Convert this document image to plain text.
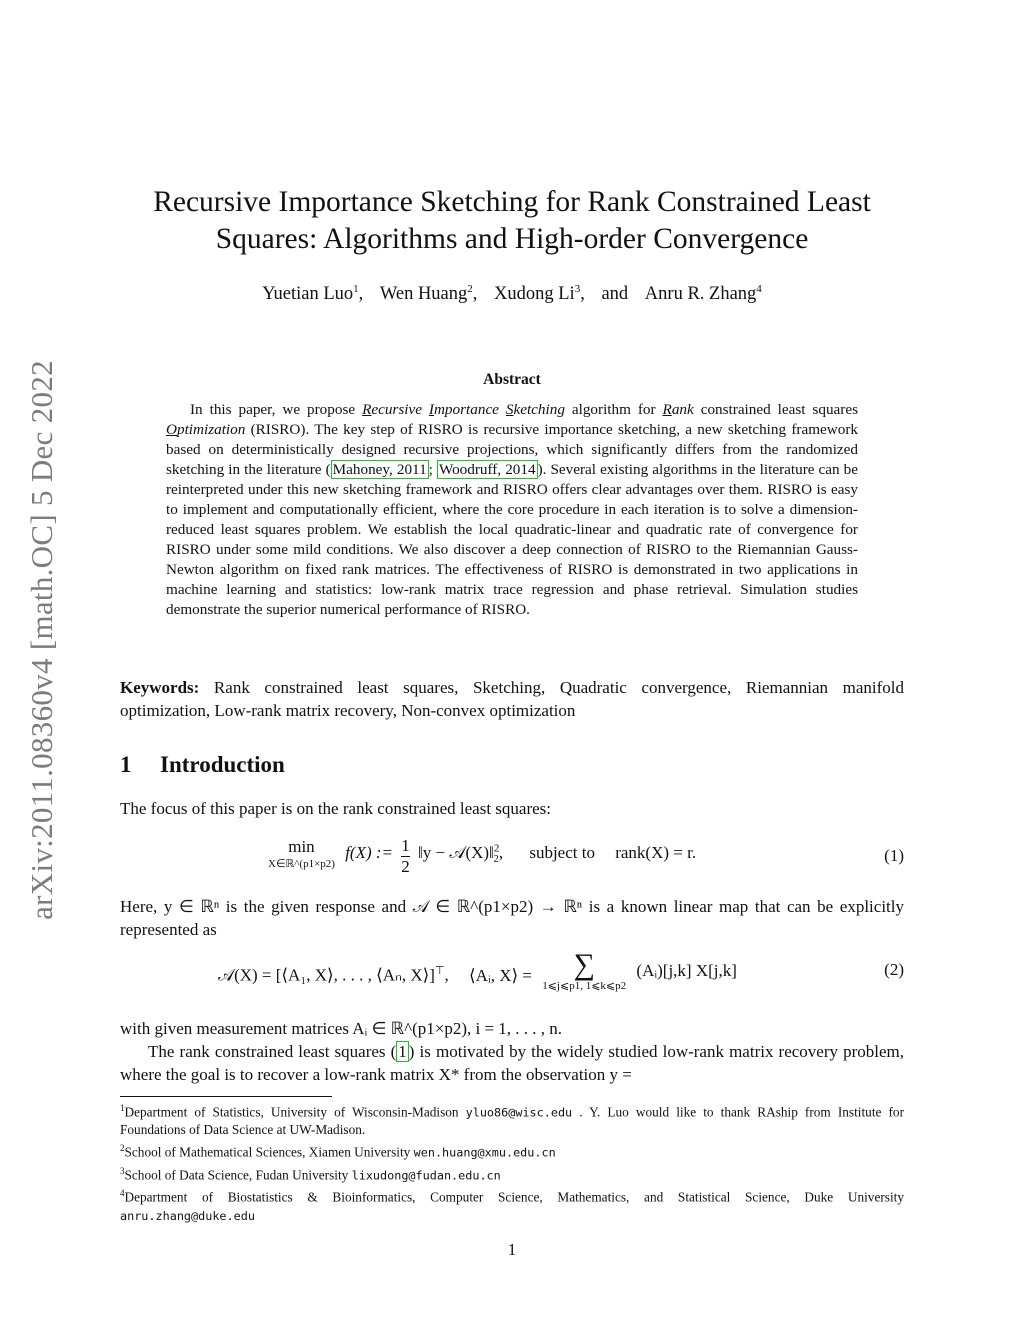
arXiv:2011.08360v4 [math.OC] 5 Dec 2022
Recursive Importance Sketching for Rank Constrained Least
Squares: Algorithms and High-order Convergence
Yuetian Luo$^1$, Wen Huang$^2$, Xudong Li$^3$, and Anru R. Zhang$^4$
Abstract
In this paper, we propose Recursive Importance Sketching algorithm for Rank constrained least squares Optimization (RISRO). The key step of RISRO is recursive importance sketching, a new sketching framework based on deterministically designed recursive projections, which significantly differs from the randomized sketching in the literature ( Mahoney, 2011 ; Woodruff, 2014 ). Several existing algorithms in the literature can be reinterpreted under this new sketching framework and RISRO offers clear advantages over them. RISRO is easy to implement and computationally efficient, where the core procedure in each iteration is to solve a dimension-reduced least squares problem. We establish the local quadratic-linear and quadratic rate of convergence for RISRO under some mild conditions. We also discover a deep connection of RISRO to the Riemannian Gauss-Newton algorithm on fixed rank matrices. The effectiveness of RISRO is demonstrated in two applications in machine learning and statistics: low-rank matrix trace regression and phase retrieval. Simulation studies demonstrate the superior numerical performance of RISRO.
Keywords: Rank constrained least squares, Sketching, Quadratic convergence, Riemannian manifold optimization, Low-rank matrix recovery, Non-convex optimization
1 Introduction
The focus of this paper is on the rank constrained least squares:
min
X∈ℝ^(p1×p2)
f(X) := $\frac{1}{2}$ ‖y − 𝒜(X)‖$^2_2$, subject to rank(X) = r.	(1)
Here, y ∈ ℝⁿ is the given response and 𝒜 ∈ ℝ^(p1×p2) → ℝⁿ is a known linear map that can be explicitly represented as
𝒜(X) = [⟨A₁, X⟩, . . . , ⟨Aₙ, X⟩]⊤, ⟨Aᵢ, X⟩ =	∑
1⩽j⩽p1, 1⩽k⩽p2
(Aᵢ)[j,k] X[j,k]	(2)
with given measurement matrices Aᵢ ∈ ℝ^(p1×p2), i = 1, . . . , n.
The rank constrained least squares ( 1 ) is motivated by the widely studied low-rank matrix recovery problem, where the goal is to recover a low-rank matrix X* from the observation y =

$^1$Department of Statistics, University of Wisconsin-Madison yluo86@wisc.edu . Y. Luo would like to thank RAship from Institute for Foundations of Data Science at UW-Madison.

$^2$School of Mathematical Sciences, Xiamen University wen.huang@xmu.edu.cn

$^3$School of Data Science, Fudan University lixudong@fudan.edu.cn

$^4$Department of Biostatistics & Bioinformatics, Computer Science, Mathematics, and Statistical Science, Duke University anru.zhang@duke.edu

1
